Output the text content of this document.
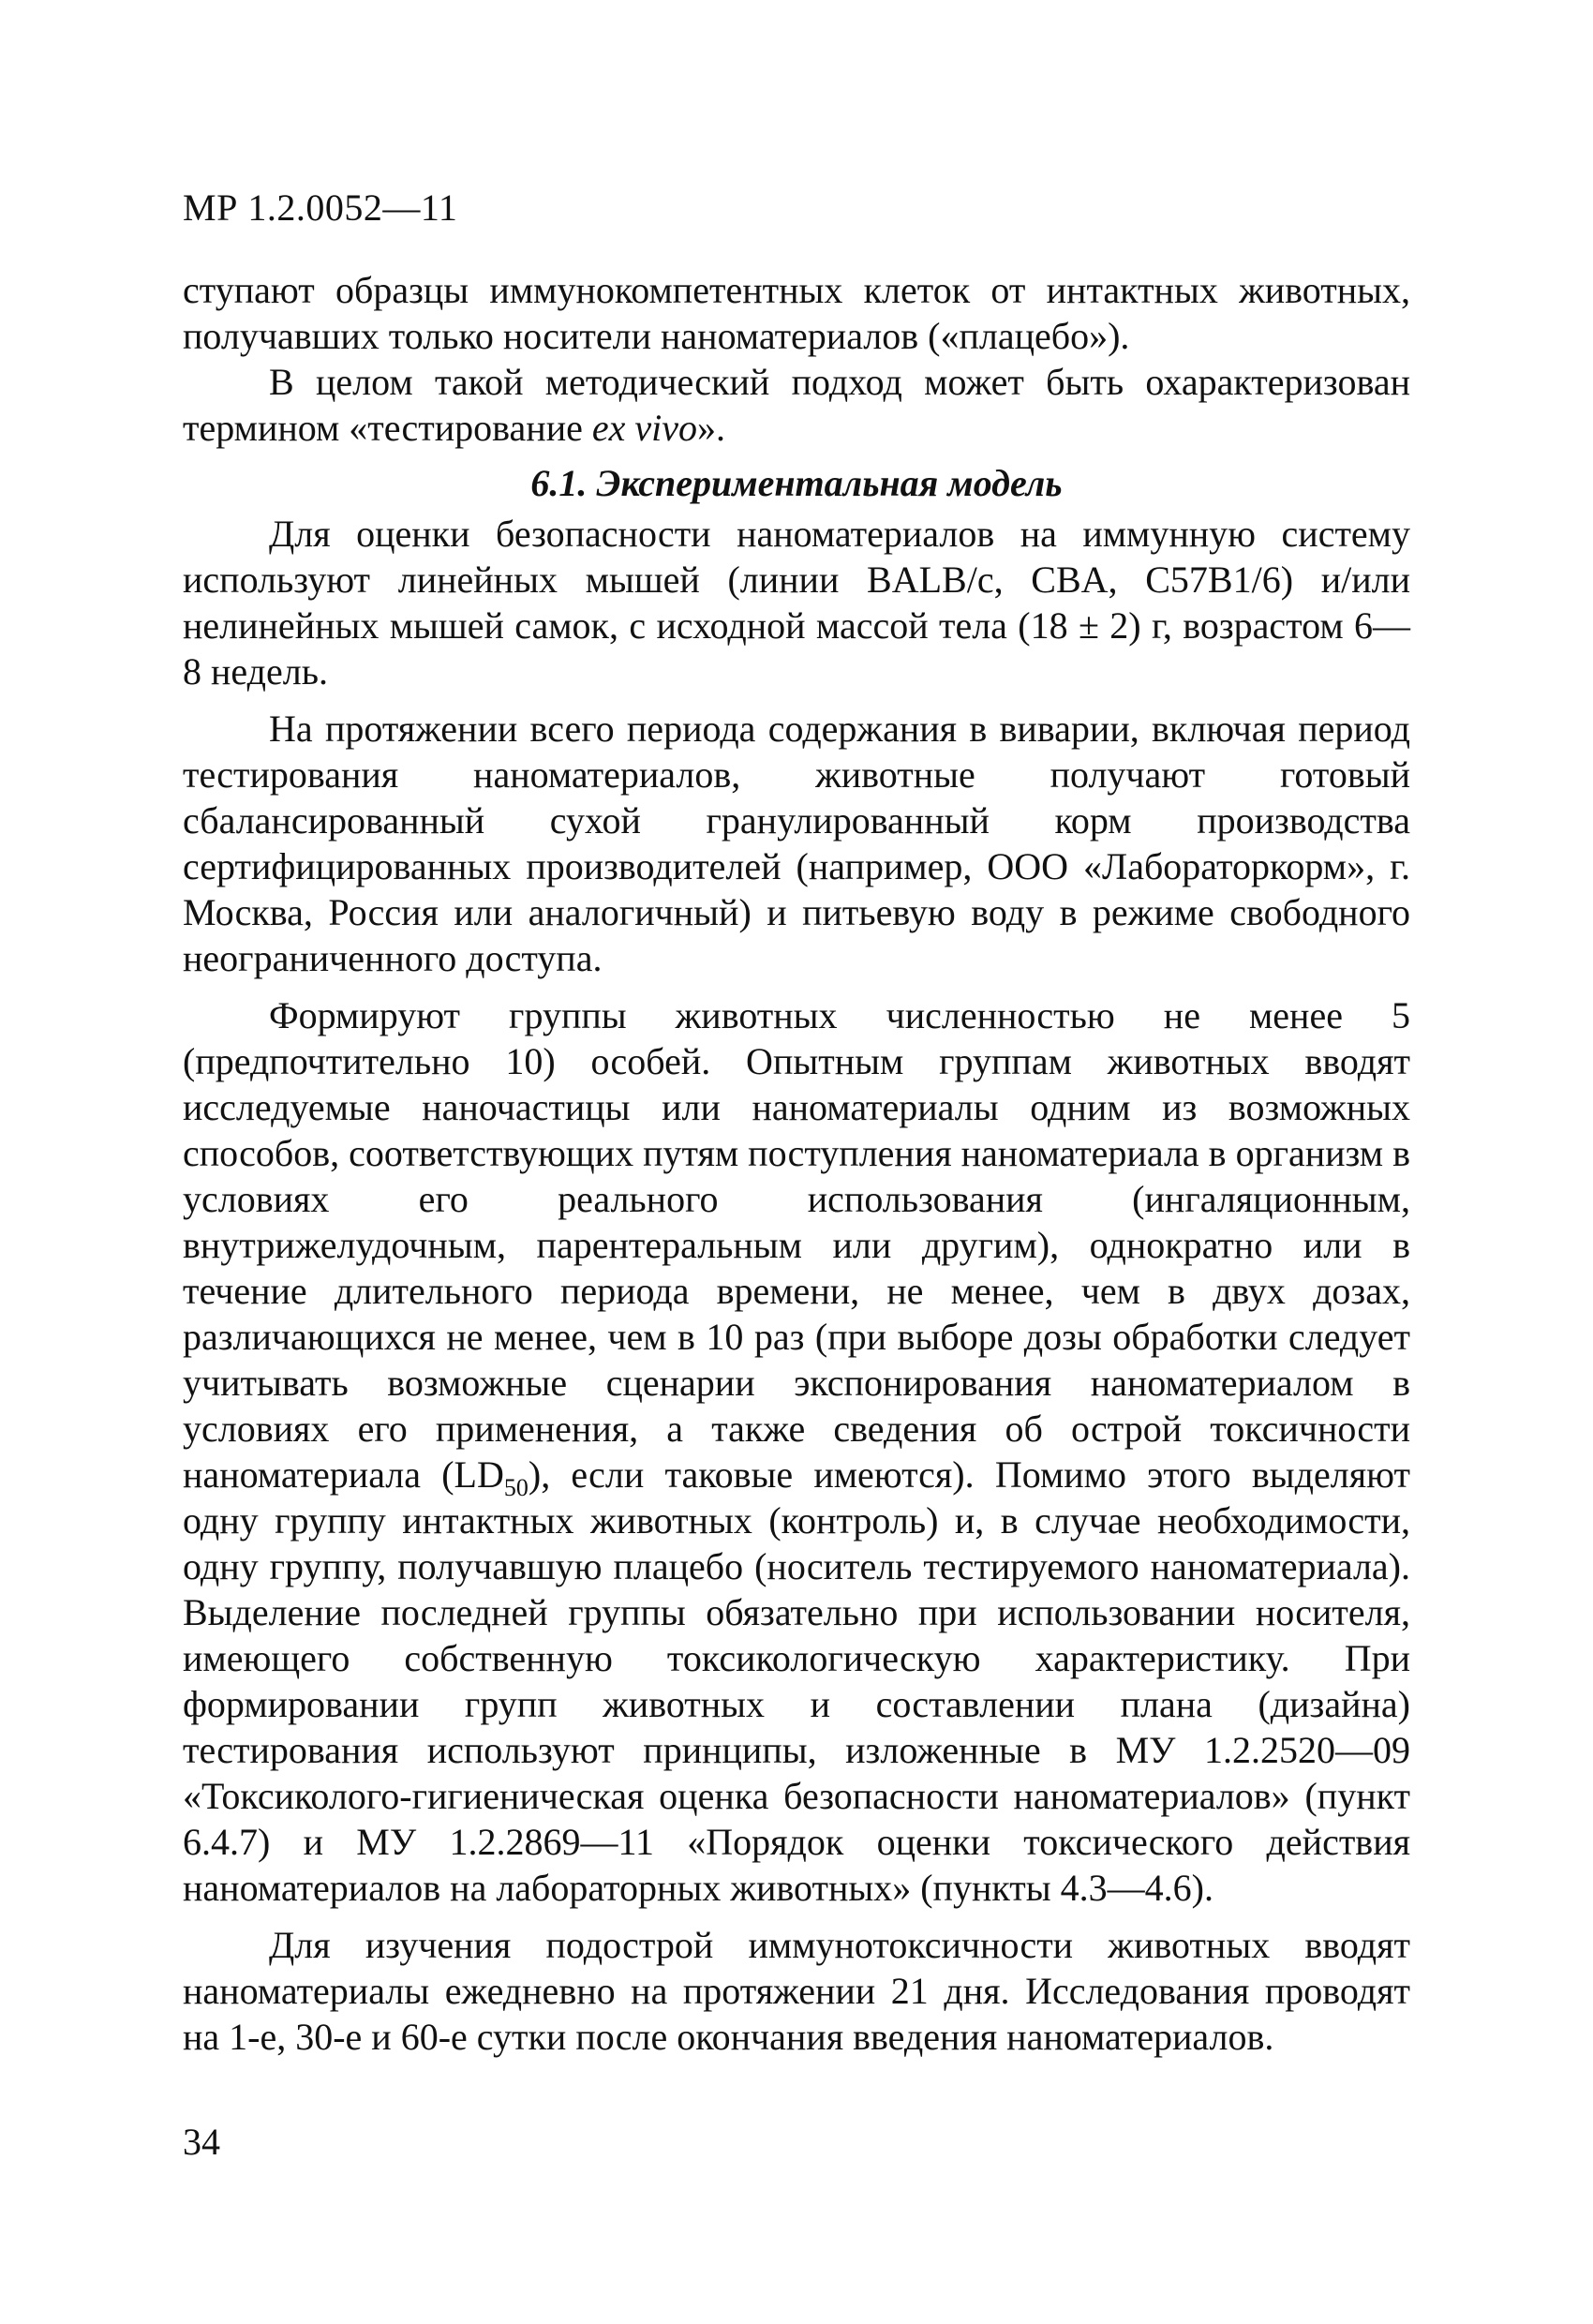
МР 1.2.0052—11

ступают образцы иммунокомпетентных клеток от интактных животных, получавших только носители наноматериалов («плацебо»).

В целом такой методический подход может быть охарактеризован термином «тестирование ex vivo».

6.1. Экспериментальная модель

Для оценки безопасности наноматериалов на иммунную систему используют линейных мышей (линии BALB/c, CBA, C57B1/6) и/или нелинейных мышей самок, с исходной массой тела (18 ± 2) г, возрастом 6—8 недель.

На протяжении всего периода содержания в виварии, включая период тестирования наноматериалов, животные получают готовый сбалансированный сухой гранулированный корм производства сертифицированных производителей (например, ООО «Лабораторкорм», г. Москва, Россия или аналогичный) и питьевую воду в режиме свободного неограниченного доступа.

Формируют группы животных численностью не менее 5 (предпочтительно 10) особей. Опытным группам животных вводят исследуемые наночастицы или наноматериалы одним из возможных способов, соответствующих путям поступления наноматериала в организм в условиях его реального использования (ингаляционным, внутрижелудочным, парентеральным или другим), однократно или в течение длительного периода времени, не менее, чем в двух дозах, различающихся не менее, чем в 10 раз (при выборе дозы обработки следует учитывать возможные сценарии экспонирования наноматериалом в условиях его применения, а также сведения об острой токсичности наноматериала $(LD_{50})$, если таковые имеются). Помимо этого выделяют одну группу интактных животных (контроль) и, в случае необходимости, одну группу, получавшую плацебо (носитель тестируемого наноматериала). Выделение последней группы обязательно при использовании носителя, имеющего собственную токсикологическую характеристику. При формировании групп животных и составлении плана (дизайна) тестирования используют принципы, изложенные в МУ 1.2.2520—09 «Токсиколого-гигиеническая оценка безопасности наноматериалов» (пункт 6.4.7) и МУ 1.2.2869—11 «Порядок оценки токсического действия наноматериалов на лабораторных животных» (пункты 4.3—4.6).

Для изучения подострой иммунотоксичности животных вводят наноматериалы ежедневно на протяжении 21 дня. Исследования проводят на 1-е, 30-е и 60-е сутки после окончания введения наноматериалов.

34
